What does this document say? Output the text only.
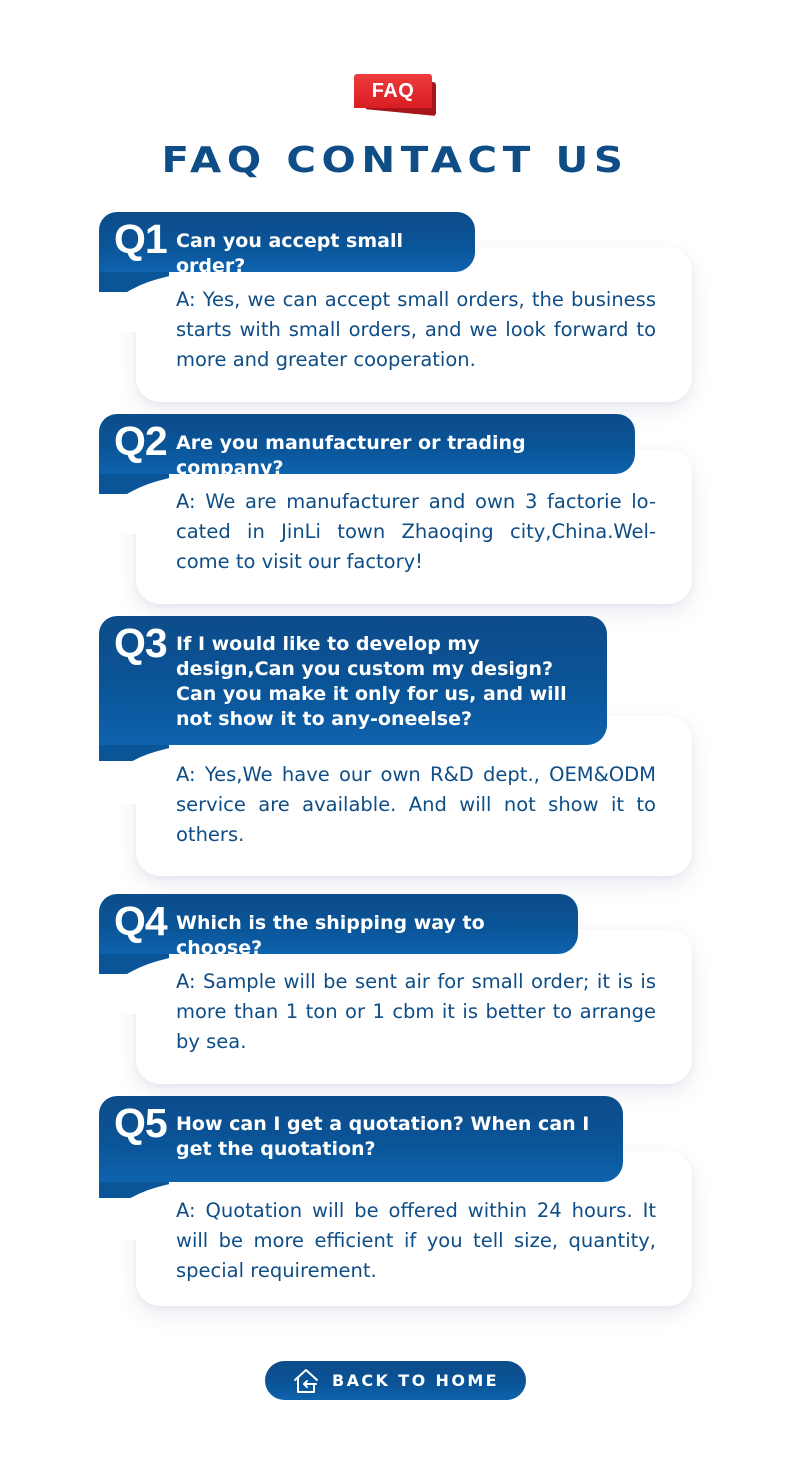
FAQ
FAQ CONTACT US
Q1 Can you accept small order?
A: Yes, we can accept small orders, the business starts with small orders, and we look forward to more and greater cooperation.
Q2 Are you manufacturer or trading company?
A: We are manufacturer and own 3 factorie lo-cated in JinLi town Zhaoqing city,China.Wel-come to visit our factory!
Q3 If I would like to develop my design,Can you custom my design? Can you make it only for us, and will not show it to any-oneelse?
A: Yes,We have our own R&D dept., OEM&ODM service are available. And will not show it to others.
Q4 Which is the shipping way to choose?
A: Sample will be sent air for small order; it is is more than 1 ton or 1 cbm it is better to arrange by sea.
Q5 How can I get a quotation? When can I get the quotation?
A: Quotation will be offered within 24 hours. It will be more efficient if you tell size, quantity, special requirement.
BACK TO HOME
